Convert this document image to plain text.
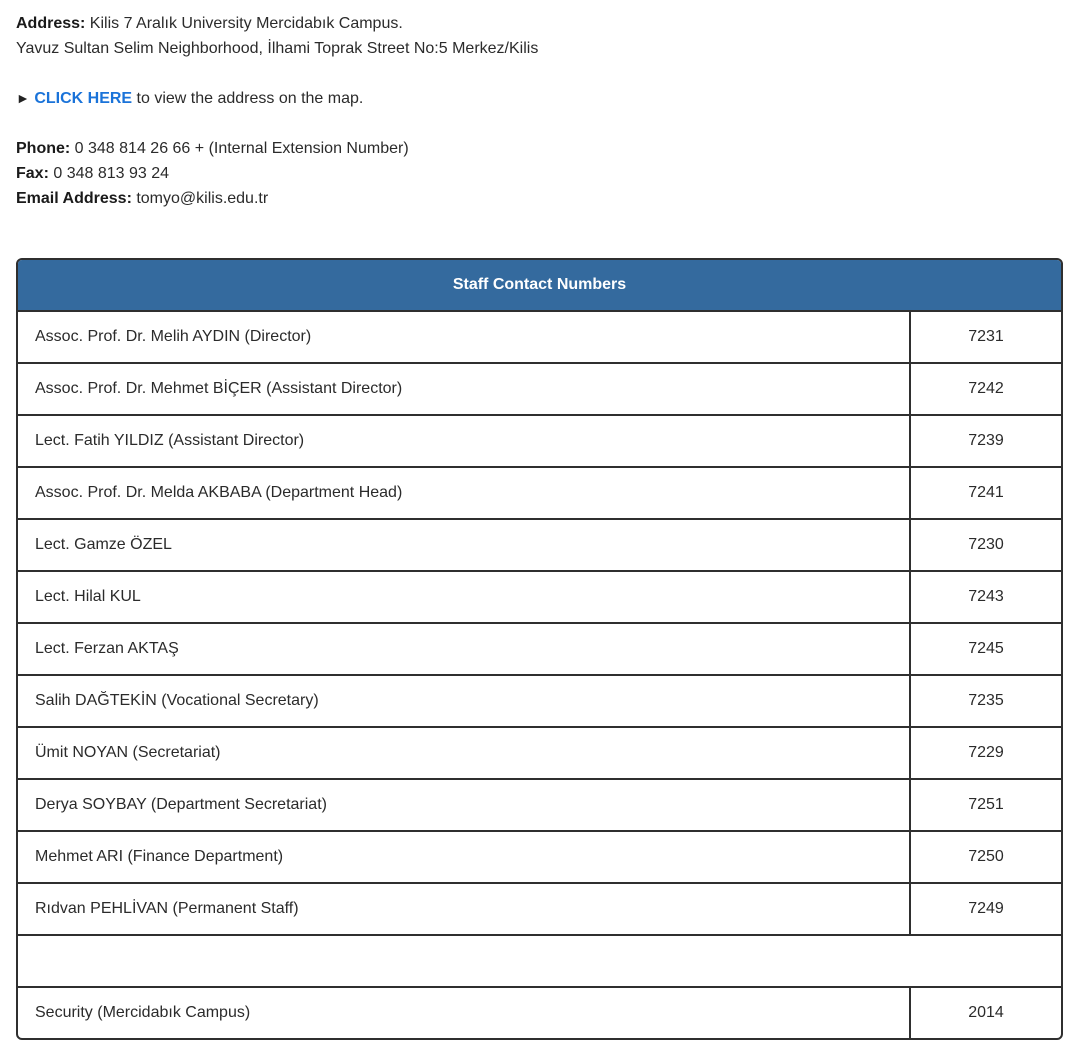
Address: Kilis 7 Aralık University Mercidabık Campus.

Yavuz Sultan Selim Neighborhood, İlhami Toprak Street No:5 Merkez/Kilis

► CLICK HERE to view the address on the map.

Phone: 0 348 814 26 66 + (Internal Extension Number)

Fax: 0 348 813 93 24

Email Address: tomyo@kilis.edu.tr

Staff Contact Numbers	
Assoc. Prof. Dr. Melih AYDIN (Director)	7231
Assoc. Prof. Dr. Mehmet BİÇER (Assistant Director)	7242
Lect. Fatih YILDIZ (Assistant Director)	7239
Assoc. Prof. Dr. Melda AKBABA (Department Head)	7241
Lect. Gamze ÖZEL	7230
Lect. Hilal KUL	7243
Lect. Ferzan AKTAŞ	7245
Salih DAĞTEKİN (Vocational Secretary)	7235
Ümit NOYAN (Secretariat)	7229
Derya SOYBAY (Department Secretariat)	7251
Mehmet ARI (Finance Department)	7250
Rıdvan PEHLİVAN (Permanent Staff)	7249

Security (Mercidabık Campus)	2014
